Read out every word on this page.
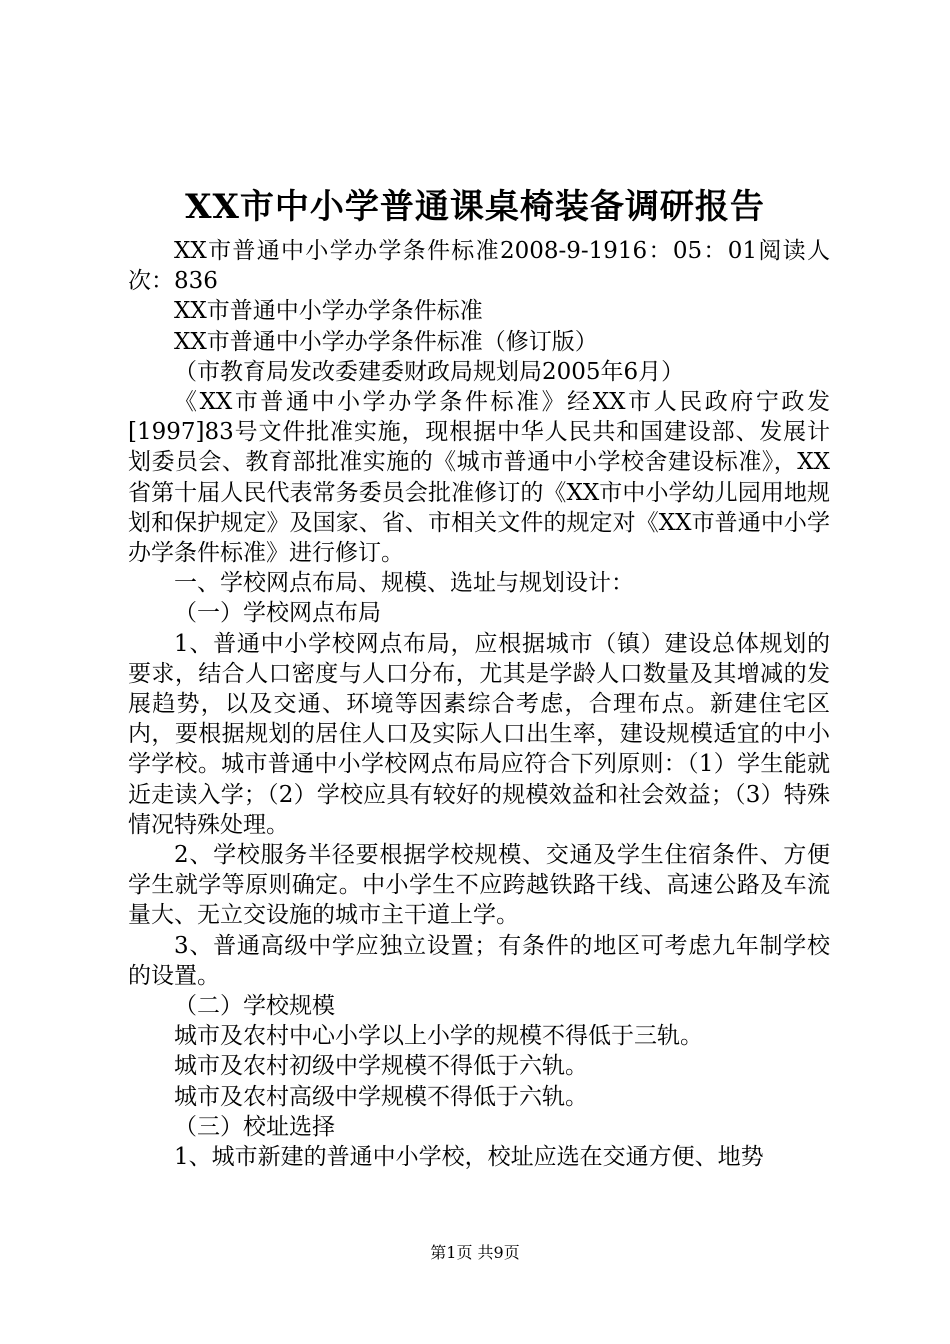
XX市中小学普通课桌椅装备调研报告

XX市普通中小学办学条件标准2008-9-1916：05：01阅读人次：836

XX市普通中小学办学条件标准

XX市普通中小学办学条件标准（修订版）

（市教育局发改委建委财政局规划局2005年6月）

《XX市普通中小学办学条件标准》经XX市人民政府宁政发[1997]83号文件批准实施，现根据中华人民共和国建设部、发展计划委员会、教育部批准实施的《城市普通中小学校舍建设标准》，XX省第十届人民代表常务委员会批准修订的《XX市中小学幼儿园用地规划和保护规定》及国家、省、市相关文件的规定对《XX市普通中小学办学条件标准》进行修订。

一、学校网点布局、规模、选址与规划设计：

（一）学校网点布局

1、普通中小学校网点布局，应根据城市（镇）建设总体规划的要求，结合人口密度与人口分布，尤其是学龄人口数量及其增减的发展趋势，以及交通、环境等因素综合考虑，合理布点。新建住宅区内，要根据规划的居住人口及实际人口出生率，建设规模适宜的中小学学校。城市普通中小学校网点布局应符合下列原则：（1）学生能就近走读入学；（2）学校应具有较好的规模效益和社会效益；（3）特殊情况特殊处理。

2、学校服务半径要根据学校规模、交通及学生住宿条件、方便学生就学等原则确定。中小学生不应跨越铁路干线、高速公路及车流量大、无立交设施的城市主干道上学。

3、普通高级中学应独立设置；有条件的地区可考虑九年制学校的设置。

（二）学校规模

城市及农村中心小学以上小学的规模不得低于三轨。

城市及农村初级中学规模不得低于六轨。

城市及农村高级中学规模不得低于六轨。

（三）校址选择

1、城市新建的普通中小学校，校址应选在交通方便、地势

第1页 共9页
